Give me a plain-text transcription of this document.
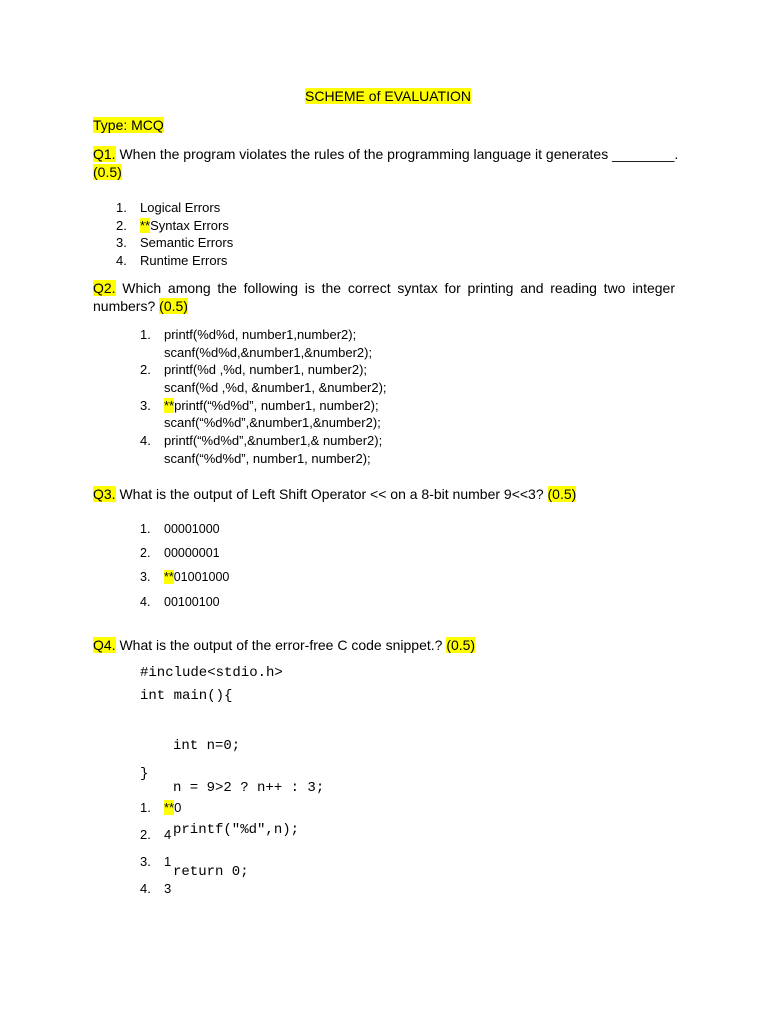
SCHEME of EVALUATION
Type: MCQ
Q1. When the program violates the rules of the programming language it generates ________.
(0.5)
1. Logical Errors
2. **Syntax Errors
3. Semantic Errors
4. Runtime Errors
Q2. Which among the following is the correct syntax for printing and reading two integer
numbers? (0.5)
1. printf(%d%d, number1,number2);
scanf(%d%d,&number1,&number2);
2. printf(%d ,%d, number1, number2);
scanf(%d ,%d, &number1, &number2);
3. **printf(“%d%d”, number1, number2);
scanf(“%d%d”,&number1,&number2);
4. printf(“%d%d”,&number1,& number2);
scanf(“%d%d”, number1, number2);
Q3. What is the output of Left Shift Operator << on a 8-bit number 9<<3? (0.5)
1. 00001000
2. 00000001
3. **01001000
4. 00100100
Q4. What is the output of the error-free C code snippet.? (0.5)
#include<stdio.h>
int main(){

int n=0;

n = 9>2 ? n++ : 3;

printf("%d",n);

return 0;

}
1. **0
2. 4
3. 1
4. 3
